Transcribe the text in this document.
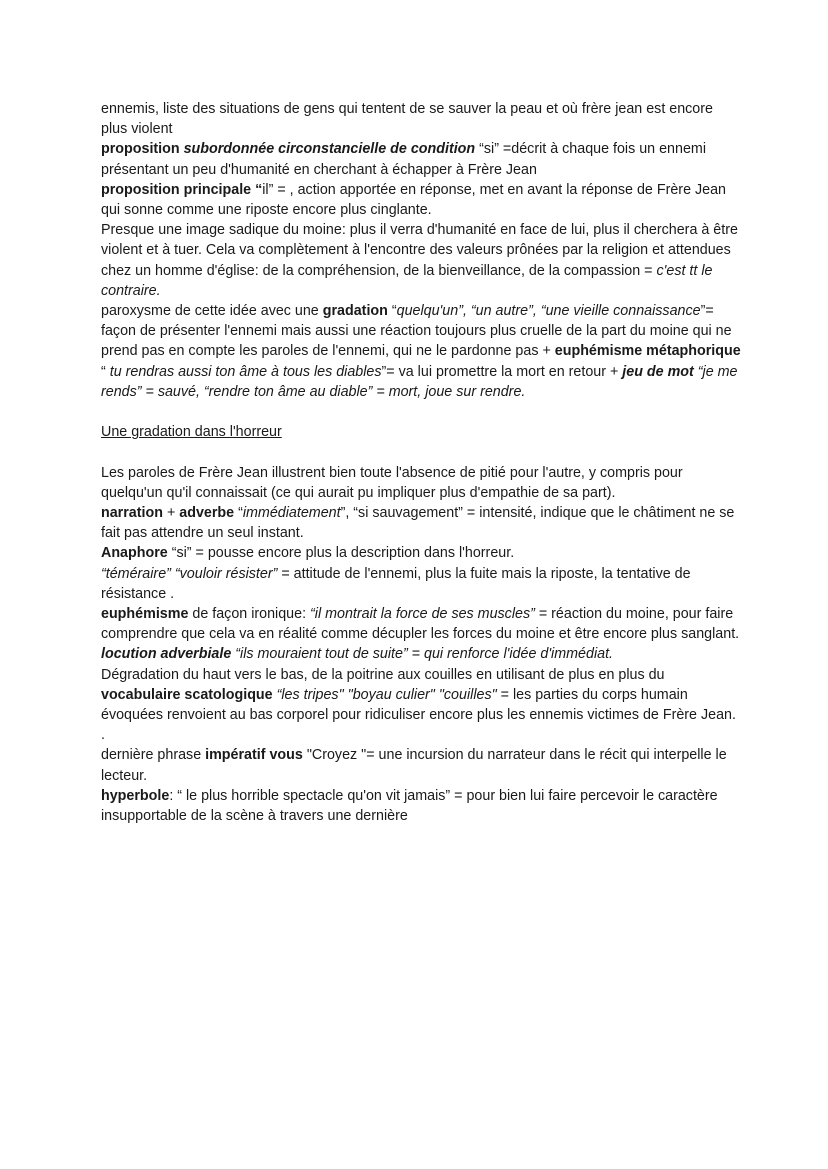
ennemis, liste des situations de gens qui tentent de se sauver la peau et où frère jean est encore plus violent

proposition subordonnée circonstancielle de condition “si” =décrit à chaque fois un ennemi présentant un peu d'humanité en cherchant à échapper à Frère Jean

proposition principale “il” = , action apportée en réponse, met en avant la réponse de Frère Jean qui sonne comme une riposte encore plus cinglante.

Presque une image sadique du moine: plus il verra d'humanité en face de lui, plus il cherchera à être violent et à tuer. Cela va complètement à l'encontre des valeurs prônées par la religion et attendues chez un homme d'église: de la compréhension, de la bienveillance, de la compassion = c'est tt le contraire.

paroxysme de cette idée avec une gradation “quelqu'un”, “un autre”, “une vieille connaissance”= façon de présenter l'ennemi mais aussi une réaction toujours plus cruelle de la part du moine qui ne prend pas en compte les paroles de l'ennemi, qui ne le pardonne pas + euphémisme métaphorique “ tu rendras aussi ton âme à tous les diables”= va lui promettre la mort en retour + jeu de mot “je me rends” = sauvé, “rendre ton âme au diable” = mort, joue sur rendre.

Une gradation dans l'horreur

Les paroles de Frère Jean illustrent bien toute l'absence de pitié pour l'autre, y compris pour quelqu'un qu'il connaissait (ce qui aurait pu impliquer plus d'empathie de sa part).

narration + adverbe “immédiatement”, “si sauvagement” = intensité, indique que le châtiment ne se fait pas attendre un seul instant.

Anaphore “si” = pousse encore plus la description dans l'horreur.

“téméraire” “vouloir résister” = attitude de l'ennemi, plus la fuite mais la riposte, la tentative de résistance .

euphémisme de façon ironique: “il montrait la force de ses muscles” = réaction du moine, pour faire comprendre que cela va en réalité comme décupler les forces du moine et être encore plus sanglant.

locution adverbiale “ils mouraient tout de suite” = qui renforce l'idée d'immédiat.

Dégradation du haut vers le bas, de la poitrine aux couilles en utilisant de plus en plus du vocabulaire scatologique “les tripes" "boyau culier" "couilles" = les parties du corps humain évoquées renvoient au bas corporel pour ridiculiser encore plus les ennemis victimes de Frère Jean. .

dernière phrase impératif vous "Croyez "= une incursion du narrateur dans le récit qui interpelle le lecteur.

hyperbole: “ le plus horrible spectacle qu'on vit jamais” = pour bien lui faire percevoir le caractère insupportable de la scène à travers une dernière
